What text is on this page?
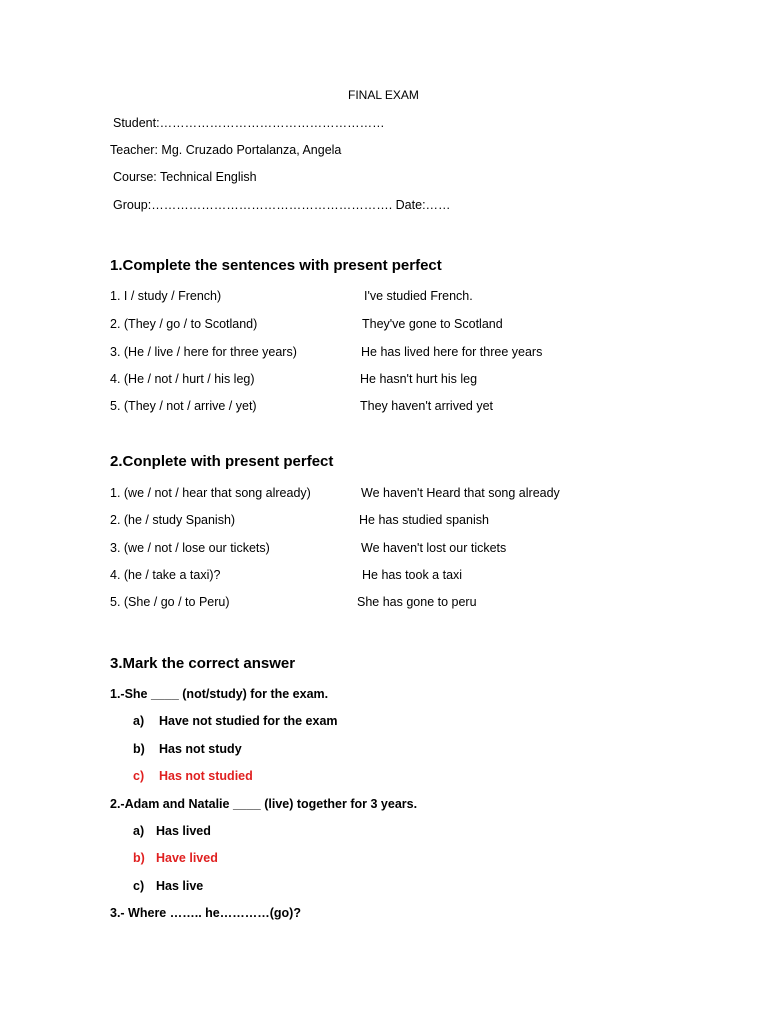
FINAL EXAM
Student:………………………………………………
Teacher: Mg. Cruzado Portalanza, Angela
Course: Technical English
Group:…………………………………………………. Date:……
1.Complete the sentences with present perfect
1. I / study / French)	I've studied French.
2. (They / go / to Scotland)	They've gone to Scotland
3. (He / live / here for three years)	He has lived here for three years
4. (He / not / hurt / his leg)	He hasn't hurt his leg
5. (They / not / arrive / yet)	They haven't arrived yet
2.Conplete with present perfect
1. (we / not / hear that song already)	We haven't Heard that song already
2. (he / study Spanish)	He has studied spanish
3. (we / not / lose our tickets)	We haven't lost our tickets
4. (he / take a taxi)?	He has took a taxi
5. (She / go / to Peru)	She has gone to peru
3.Mark the correct answer
1.-She ____ (not/study) for the exam.
a) Have not studied for the exam
b) Has not study
c) Has not studied
2.-Adam and Natalie ____ (live) together for 3 years.
a) Has lived
b) Have lived
c) Has live
3.- Where …….. he…………(go)?
